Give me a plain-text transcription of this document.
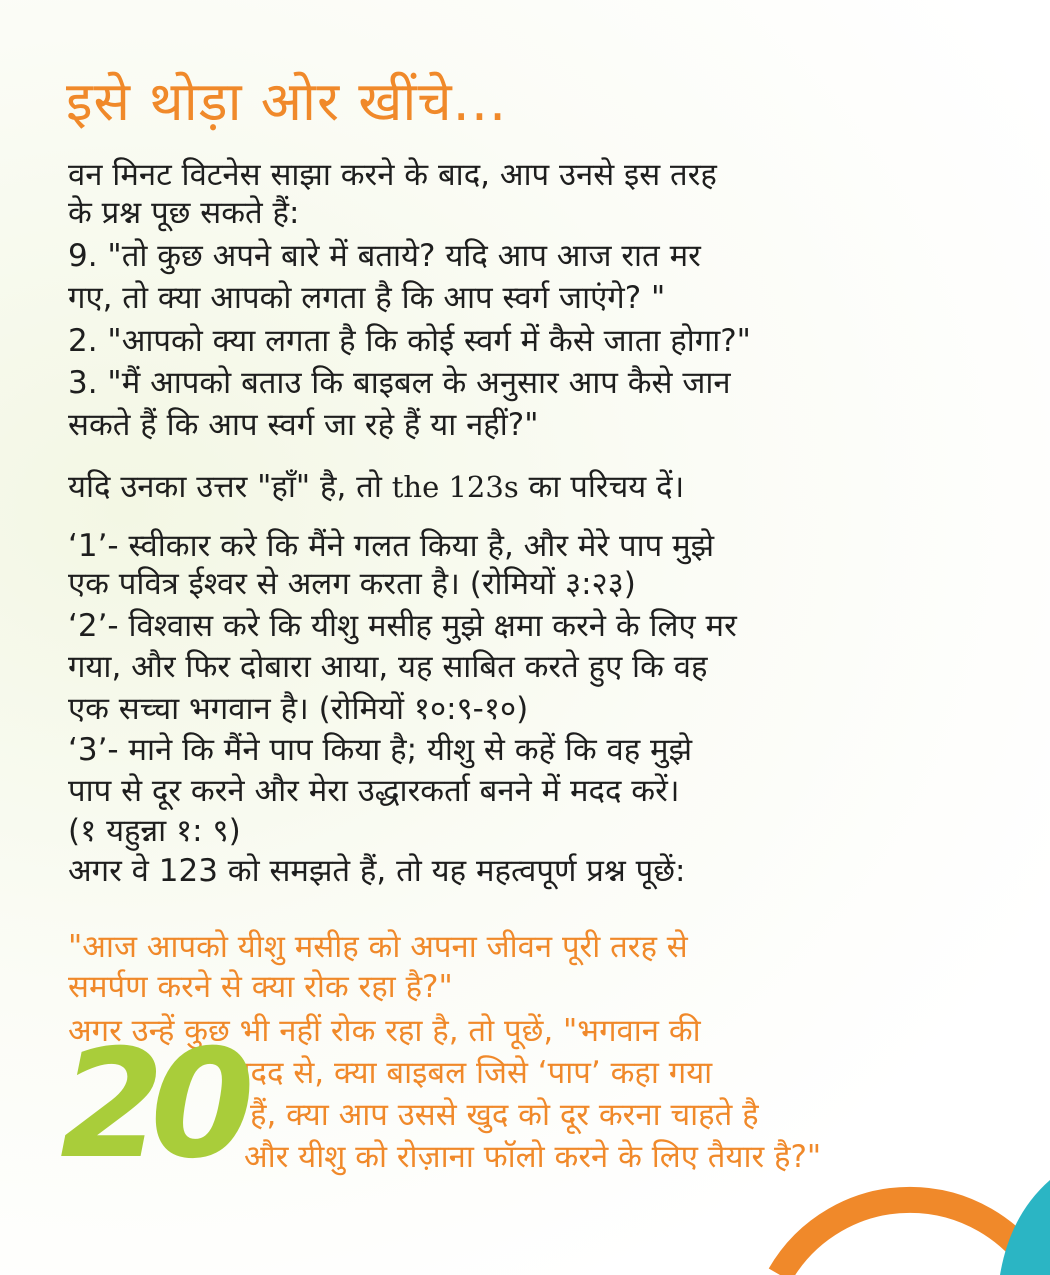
इसे थोड़ा ओर खींचे...

वन मिनट विटनेस साझा करने के बाद, आप उनसे इस तरह

के प्रश्न पूछ सकते हैं:

9. "तो कुछ अपने बारे में बताये? यदि आप आज रात मर

गए, तो क्या आपको लगता है कि आप स्वर्ग जाएंगे? "

2. "आपको क्या लगता है कि कोई स्वर्ग में कैसे जाता होगा?"

3. "मैं आपको बताउ कि बाइबल के अनुसार आप कैसे जान

सकते हैं कि आप स्वर्ग जा रहे हैं या नहीं?"

यदि उनका उत्तर "हाँ" है, तो the 123s का परिचय दें।

‘1’- स्वीकार करे कि मैंने गलत किया है, और मेरे पाप मुझे

एक पवित्र ईश्वर से अलग करता है। (रोमियों ३:२३)

‘2’- विश्वास करे कि यीशु मसीह मुझे क्षमा करने के लिए मर

गया, और फिर दोबारा आया, यह साबित करते हुए कि वह

एक सच्चा भगवान है। (रोमियों १०:९-१०)

‘3’- माने कि मैंने पाप किया है; यीशु से कहें कि वह मुझे

पाप से दूर करने और मेरा उद्धारकर्ता बनने में मदद करें।

(१ यहुन्ना १: ९)

अगर वे 123 को समझते हैं, तो यह महत्वपूर्ण प्रश्न पूछें:

"आज आपको यीशु मसीह को अपना जीवन पूरी तरह से

समर्पण करने से क्या रोक रहा है?"

अगर उन्हें कुछ भी नहीं रोक रहा है, तो पूछें, "भगवान की

मदद से, क्या बाइबल जिसे ‘पाप’ कहा गया

हैं, क्या आप उससे खुद को दूर करना चाहते है

और यीशु को रोज़ाना फॉलो करने के लिए तैयार है?"

20
